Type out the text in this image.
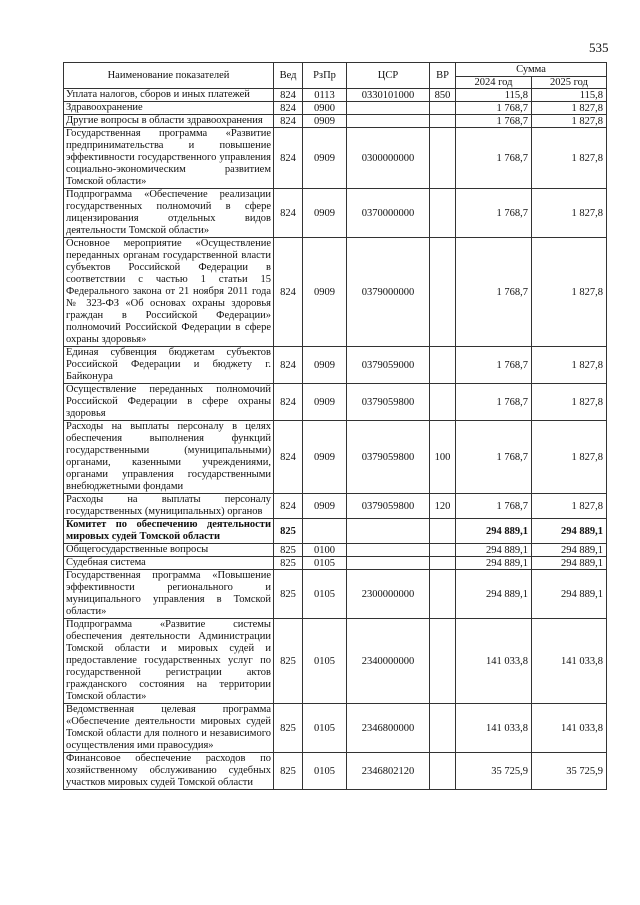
535
Наименование показателей	Вед	РзПр	ЦСР	ВР	Сумма	
					2024 год	2025 год
Уплата налогов, сборов и иных платежей	824	0113	0330101000	850	115,8	115,8
Здравоохранение	824	0900			1 768,7	1 827,8
Другие вопросы в области здравоохранения	824	0909			1 768,7	1 827,8
Государственная программа «Развитие предпринимательства и повышение эффективности государственного управления социально-экономическим развитием Томской области»	824	0909	0300000000		1 768,7	1 827,8
Подпрограмма «Обеспечение реализации государственных полномочий в сфере лицензирования отдельных видов деятельности Томской области»	824	0909	0370000000		1 768,7	1 827,8
Основное мероприятие «Осуществление переданных органам государственной власти субъектов Российской Федерации в соответствии с частью 1 статьи 15 Федерального закона от 21 ноября 2011 года № 323-ФЗ «Об основах охраны здоровья граждан в Российской Федерации» полномочий Российской Федерации в сфере охраны здоровья»	824	0909	0379000000		1 768,7	1 827,8
Единая субвенция бюджетам субъектов Российской Федерации и бюджету г. Байконура	824	0909	0379059000		1 768,7	1 827,8
Осуществление переданных полномочий Российской Федерации в сфере охраны здоровья	824	0909	0379059800		1 768,7	1 827,8
Расходы на выплаты персоналу в целях обеспечения выполнения функций государственными (муниципальными) органами, казенными учреждениями, органами управления государственными внебюджетными фондами	824	0909	0379059800	100	1 768,7	1 827,8
Расходы на выплаты персоналу государственных (муниципальных) органов	824	0909	0379059800	120	1 768,7	1 827,8
Комитет по обеспечению деятельности мировых судей Томской области	825				294 889,1	294 889,1
Общегосударственные вопросы	825	0100			294 889,1	294 889,1
Судебная система	825	0105			294 889,1	294 889,1
Государственная программа «Повышение эффективности регионального и муниципального управления в Томской области»	825	0105	2300000000		294 889,1	294 889,1
Подпрограмма «Развитие системы обеспечения деятельности Администрации Томской области и мировых судей и предоставление государственных услуг по государственной регистрации актов гражданского состояния на территории Томской области»	825	0105	2340000000		141 033,8	141 033,8
Ведомственная целевая программа «Обеспечение деятельности мировых судей Томской области для полного и независимого осуществления ими правосудия»	825	0105	2346800000		141 033,8	141 033,8
Финансовое обеспечение расходов по хозяйственному обслуживанию судебных участков мировых судей Томской области	825	0105	2346802120		35 725,9	35 725,9
